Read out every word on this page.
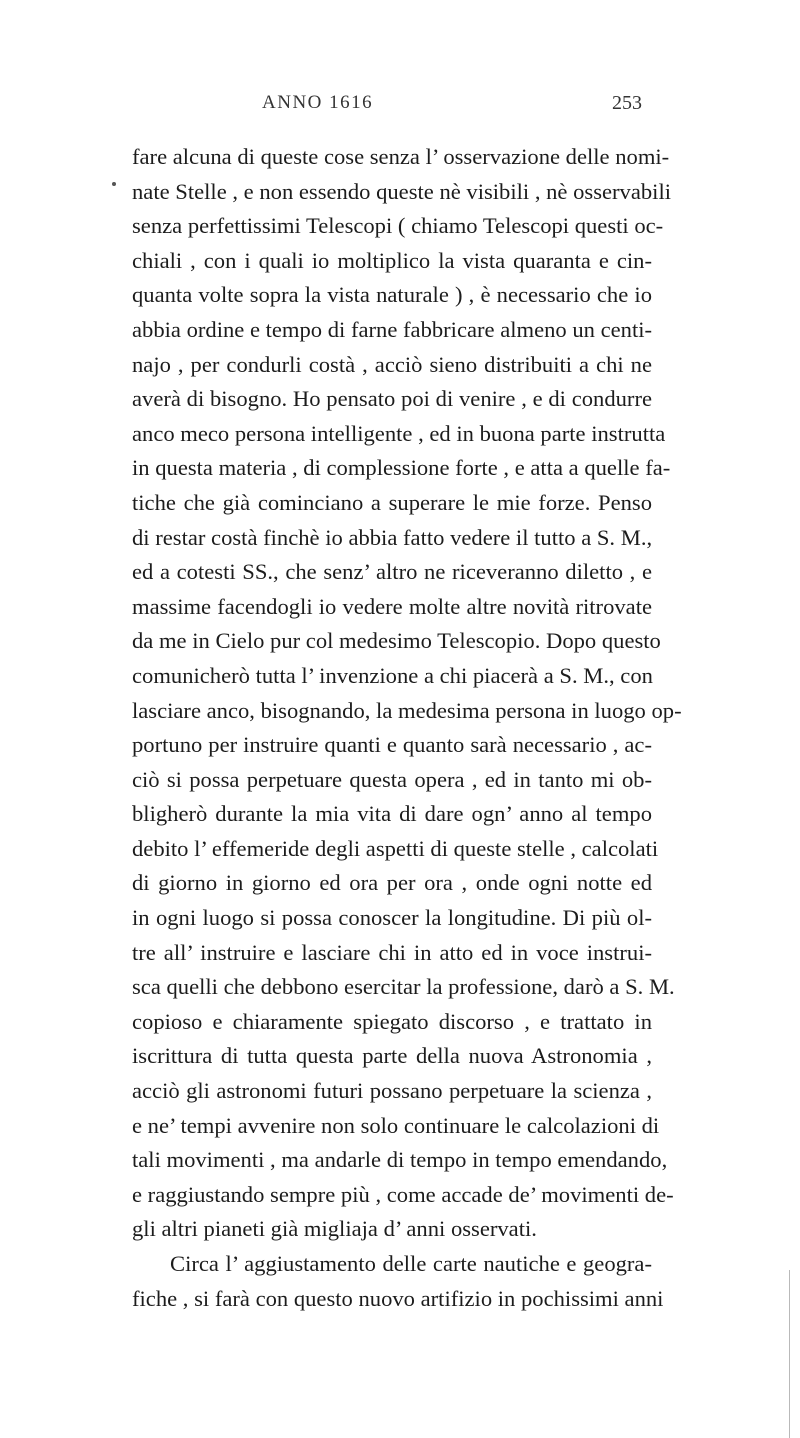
ANNO 1616	253
fare alcuna di queste cose senza l’ osservazione delle nomi-
nate Stelle , e non essendo queste nè visibili , nè osservabili
senza perfettissimi Telescopi ( chiamo Telescopi questi oc-
chiali , con i quali io moltiplico la vista quaranta e cin-
quanta volte sopra la vista naturale ) , è necessario che io
abbia ordine e tempo di farne fabbricare almeno un centi-
najo , per condurli costà , acciò sieno distribuiti a chi ne
averà di bisogno. Ho pensato poi di venire , e di condurre
anco meco persona intelligente , ed in buona parte instrutta
in questa materia , di complessione forte , e atta a quelle fa-
tiche che già cominciano a superare le mie forze. Penso
di restar costà finchè io abbia fatto vedere il tutto a S. M.,
ed a cotesti SS., che senz’ altro ne riceveranno diletto , e
massime facendogli io vedere molte altre novità ritrovate
da me in Cielo pur col medesimo Telescopio. Dopo questo
comunicherò tutta l’ invenzione a chi piacerà a S. M., con
lasciare anco, bisognando, la medesima persona in luogo op-
portuno per instruire quanti e quanto sarà necessario , ac-
ciò si possa perpetuare questa opera , ed in tanto mi ob-
bligherò durante la mia vita di dare ogn’ anno al tempo
debito l’ effemeride degli aspetti di queste stelle , calcolati
di giorno in giorno ed ora per ora , onde ogni notte ed
in ogni luogo si possa conoscer la longitudine. Di più ol-
tre all’ instruire e lasciare chi in atto ed in voce instrui-
sca quelli che debbono esercitar la professione, darò a S. M.
copioso e chiaramente spiegato discorso , e trattato in
iscrittura di tutta questa parte della nuova Astronomia ,
acciò gli astronomi futuri possano perpetuare la scienza ,
e ne’ tempi avvenire non solo continuare le calcolazioni di
tali movimenti , ma andarle di tempo in tempo emendando,
e raggiustando sempre più , come accade de’ movimenti de-
gli altri pianeti già migliaja d’ anni osservati.
Circa l’ aggiustamento delle carte nautiche e geogra-
fiche , si farà con questo nuovo artifizio in pochissimi anni
